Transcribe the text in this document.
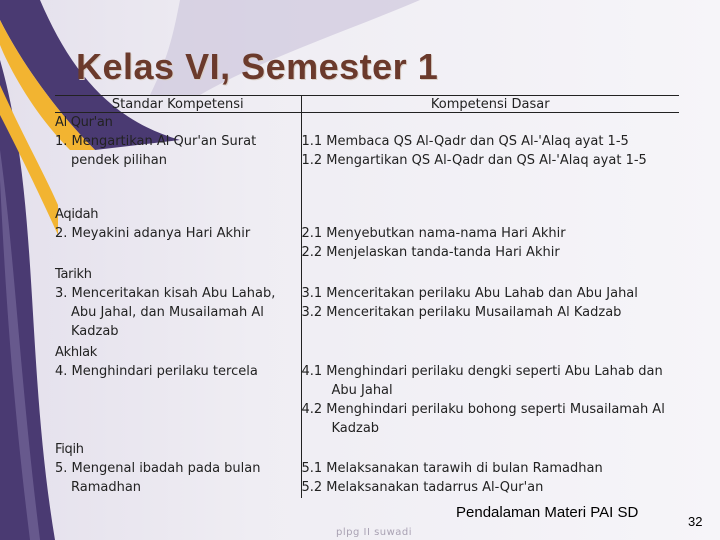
Kelas VI, Semester 1
Standar Kompetensi	Kompetensi Dasar

Al Qur'an
1. Mengartikan Al Qur'an Surat pendek pilihan	1.1 Membaca QS Al-Qadr dan QS Al-'Alaq ayat 1-5
1.2 Mengartikan QS Al-Qadr dan QS Al-'Alaq ayat 1-5

Aqidah
2. Meyakini adanya Hari Akhir	2.1 Menyebutkan nama-nama Hari Akhir
2.2 Menjelaskan tanda-tanda Hari Akhir

Tarikh
3. Menceritakan kisah Abu Lahab, Abu Jahal, dan Musailamah Al Kadzab	3.1 Menceritakan perilaku Abu Lahab dan Abu Jahal
3.2 Menceritakan perilaku Musailamah Al Kadzab

Akhlak
4. Menghindari perilaku tercela	4.1 Menghindari perilaku dengki seperti Abu Lahab dan Abu Jahal
4.2 Menghindari perilaku bohong seperti Musailamah Al Kadzab

Fiqih
5. Mengenal ibadah pada bulan Ramadhan	5.1 Melaksanakan tarawih di bulan Ramadhan
5.2 Melaksanakan tadarrus Al-Qur'an
plpg II suwadi

Pendalaman Materi PAI SD

32
